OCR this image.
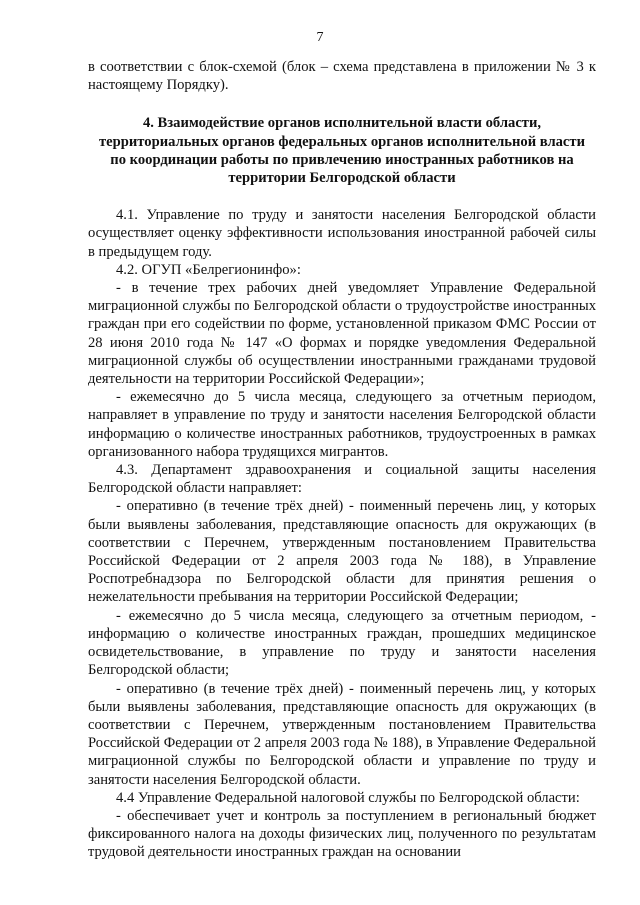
7

в соответствии с блок-схемой (блок – схема представлена в приложении № 3 к настоящему Порядку).

4. Взаимодействие органов исполнительной власти области, территориальных органов федеральных органов исполнительной власти по координации работы по привлечению иностранных работников на территории Белгородской области

4.1. Управление по труду и занятости населения Белгородской области осуществляет оценку эффективности использования иностранной рабочей силы в предыдущем году.

4.2. ОГУП «Белрегионинфо»:

- в течение трех рабочих дней уведомляет Управление Федеральной миграционной службы по Белгородской области о трудоустройстве иностранных граждан при его содействии по форме, установленной приказом ФМС России от 28 июня 2010 года № 147 «О формах и порядке уведомления Федеральной миграционной службы об осуществлении иностранными гражданами трудовой деятельности на территории Российской Федерации»;

- ежемесячно до 5 числа месяца, следующего за отчетным периодом, направляет в управление по труду и занятости населения Белгородской области информацию о количестве иностранных работников, трудоустроенных в рамках организованного набора трудящихся мигрантов.

4.3. Департамент здравоохранения и социальной защиты населения Белгородской области направляет:

- оперативно (в течение трёх дней) - поименный перечень лиц, у которых были выявлены заболевания, представляющие опасность для окружающих (в соответствии с Перечнем, утвержденным постановлением Правительства Российской Федерации от 2 апреля 2003 года № 188), в Управление Роспотребнадзора по Белгородской области для принятия решения о нежелательности пребывания на территории Российской Федерации;

- ежемесячно до 5 числа месяца, следующего за отчетным периодом, - информацию о количестве иностранных граждан, прошедших медицинское освидетельствование, в управление по труду и занятости населения Белгородской области;

- оперативно (в течение трёх дней) - поименный перечень лиц, у которых были выявлены заболевания, представляющие опасность для окружающих (в соответствии с Перечнем, утвержденным постановлением Правительства Российской Федерации от 2 апреля 2003 года № 188), в Управление Федеральной миграционной службы по Белгородской области и управление по труду и занятости населения Белгородской области.

4.4 Управление Федеральной налоговой службы по Белгородской области:

- обеспечивает учет и контроль за поступлением в региональный бюджет фиксированного налога на доходы физических лиц, полученного по результатам трудовой деятельности иностранных граждан на основании
